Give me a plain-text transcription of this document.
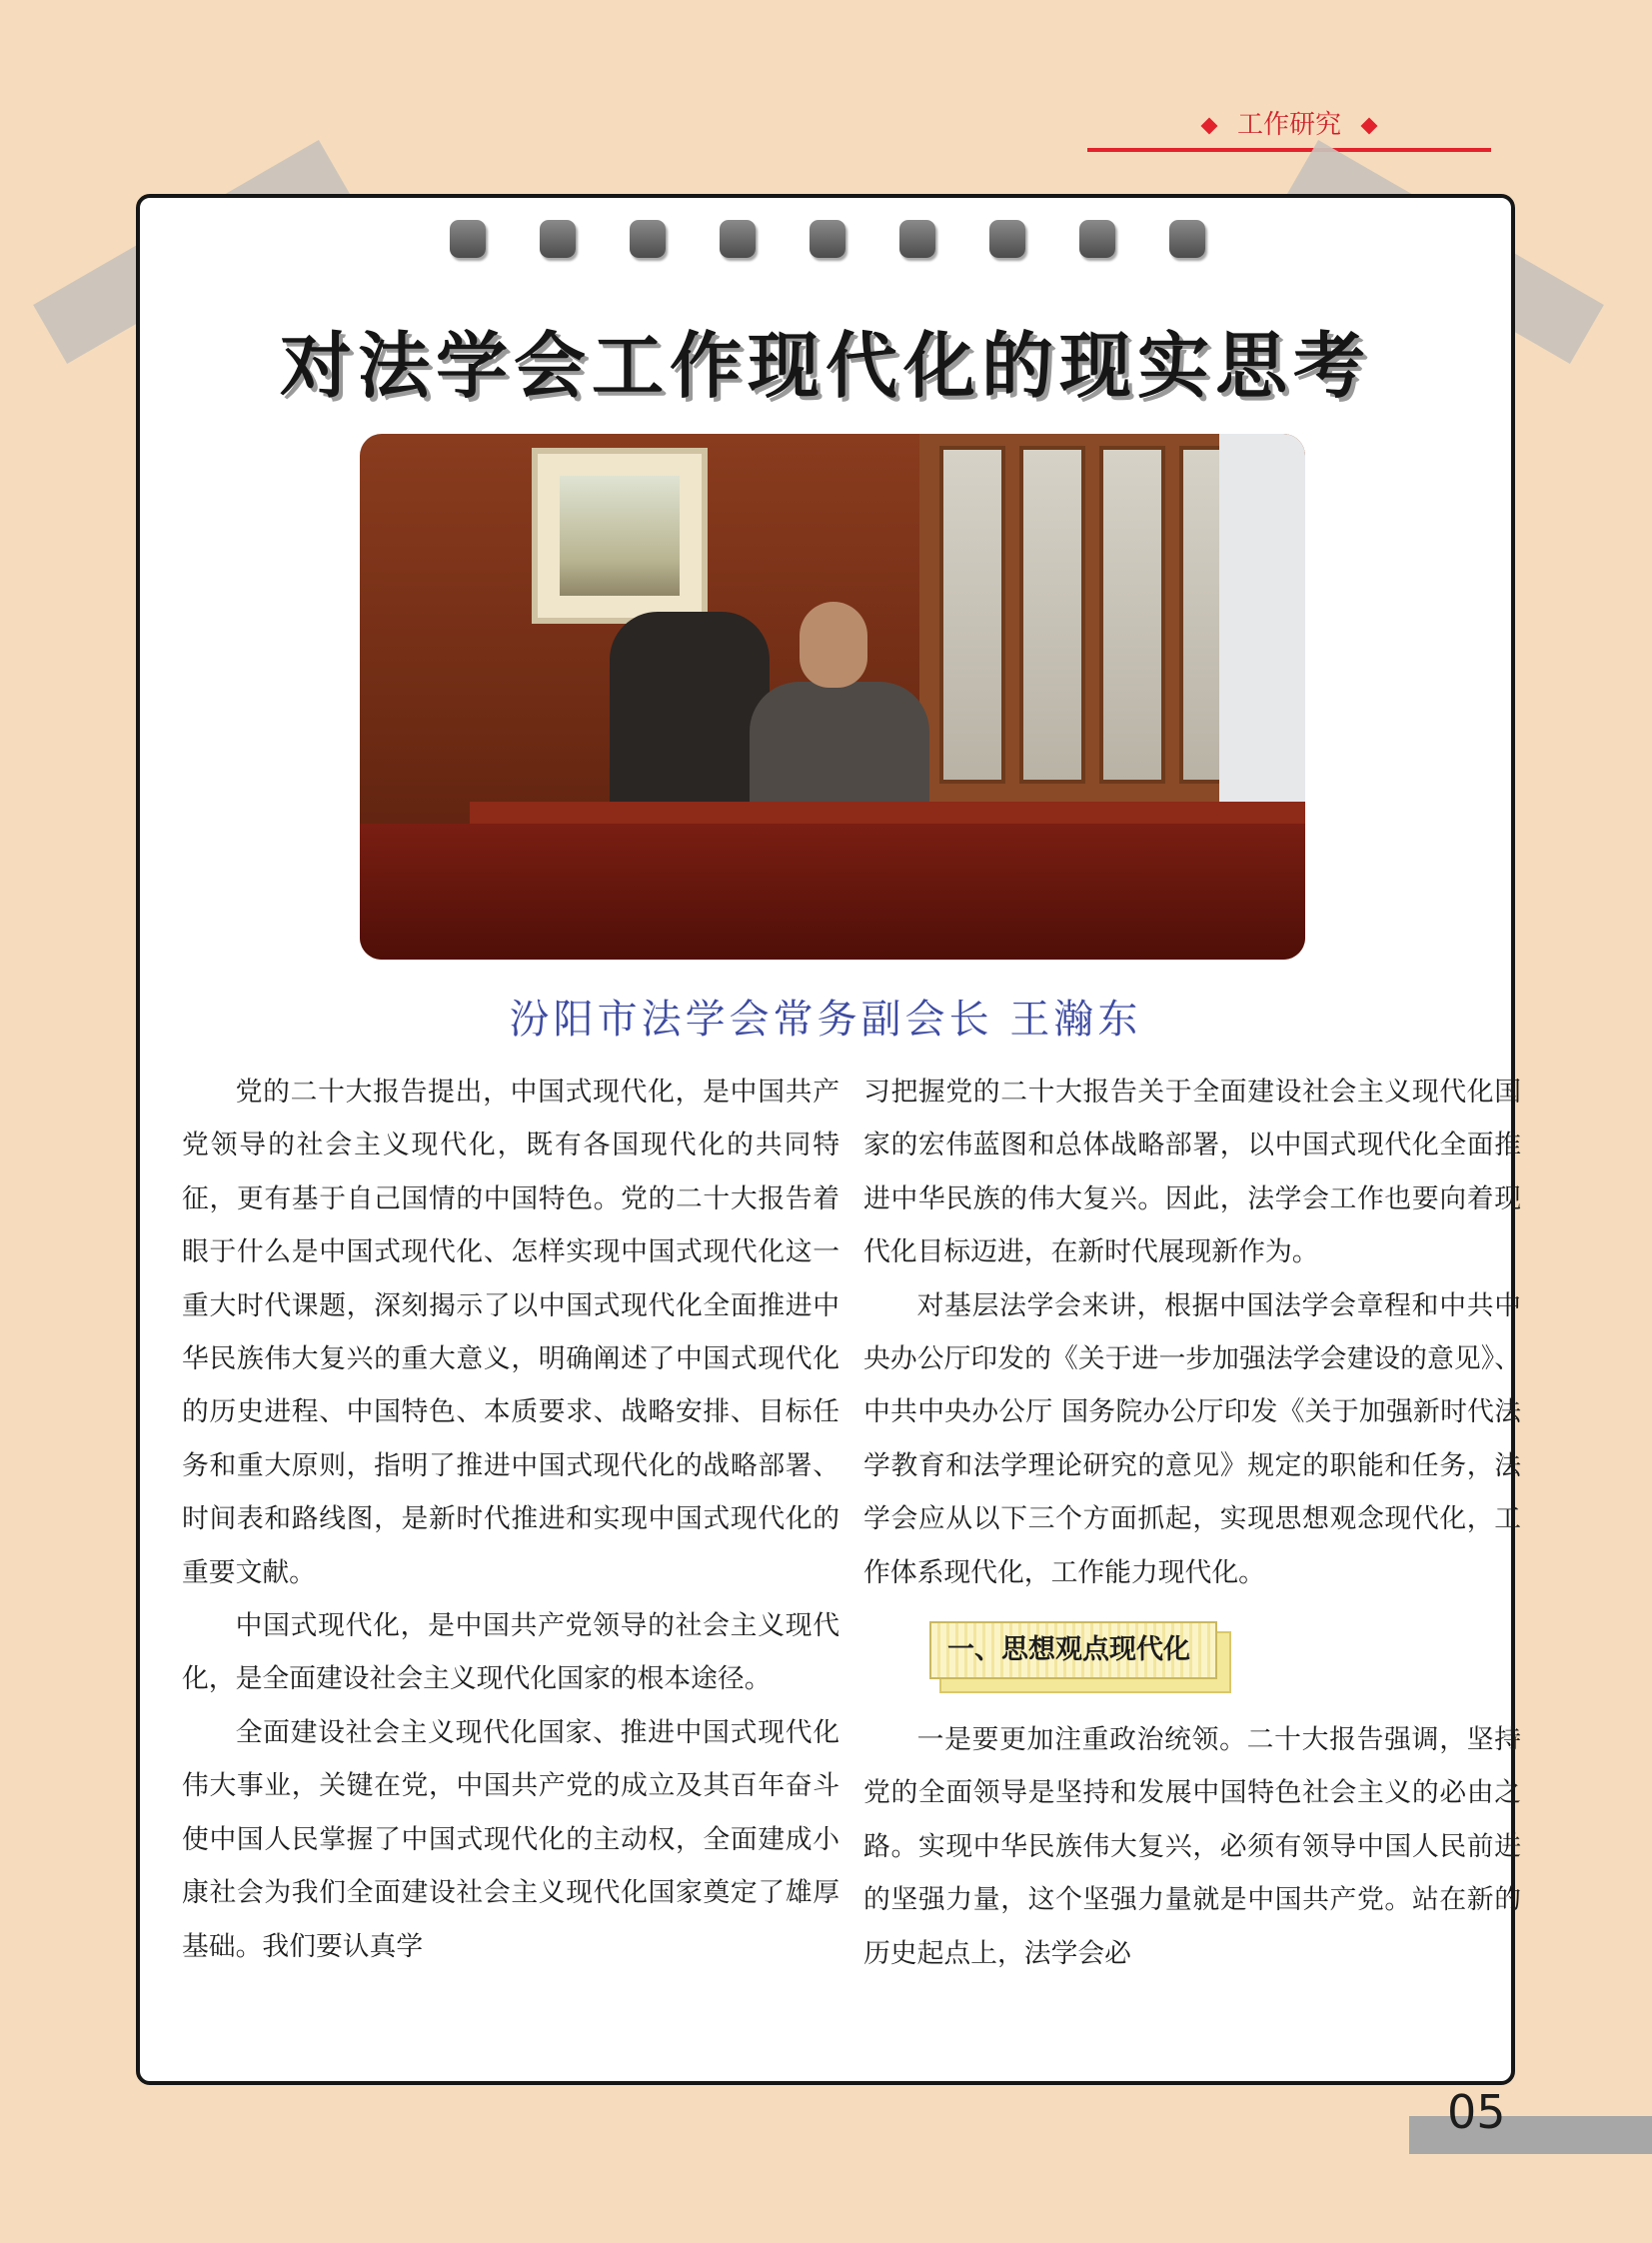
工作研究
对法学会工作现代化的现实思考
汾阳市法学会常务副会长 王瀚东

党的二十大报告提出，中国式现代化，是中国共产党领导的社会主义现代化，既有各国现代化的共同特征，更有基于自己国情的中国特色。党的二十大报告着眼于什么是中国式现代化、怎样实现中国式现代化这一重大时代课题，深刻揭示了以中国式现代化全面推进中华民族伟大复兴的重大意义，明确阐述了中国式现代化的历史进程、中国特色、本质要求、战略安排、目标任务和重大原则，指明了推进中国式现代化的战略部署、时间表和路线图，是新时代推进和实现中国式现代化的重要文献。

中国式现代化，是中国共产党领导的社会主义现代化，是全面建设社会主义现代化国家的根本途径。

全面建设社会主义现代化国家、推进中国式现代化伟大事业，关键在党，中国共产党的成立及其百年奋斗使中国人民掌握了中国式现代化的主动权，全面建成小康社会为我们全面建设社会主义现代化国家奠定了雄厚基础。我们要认真学

习把握党的二十大报告关于全面建设社会主义现代化国家的宏伟蓝图和总体战略部署，以中国式现代化全面推进中华民族的伟大复兴。因此，法学会工作也要向着现代化目标迈进，在新时代展现新作为。

对基层法学会来讲，根据中国法学会章程和中共中央办公厅印发的《关于进一步加强法学会建设的意见》、中共中央办公厅 国务院办公厅印发《关于加强新时代法学教育和法学理论研究的意见》规定的职能和任务，法学会应从以下三个方面抓起，实现思想观念现代化，工作体系现代化，工作能力现代化。

一、思想观点现代化

一是要更加注重政治统领。二十大报告强调，坚持党的全面领导是坚持和发展中国特色社会主义的必由之路。实现中华民族伟大复兴，必须有领导中国人民前进的坚强力量，这个坚强力量就是中国共产党。站在新的历史起点上，法学会必

05
